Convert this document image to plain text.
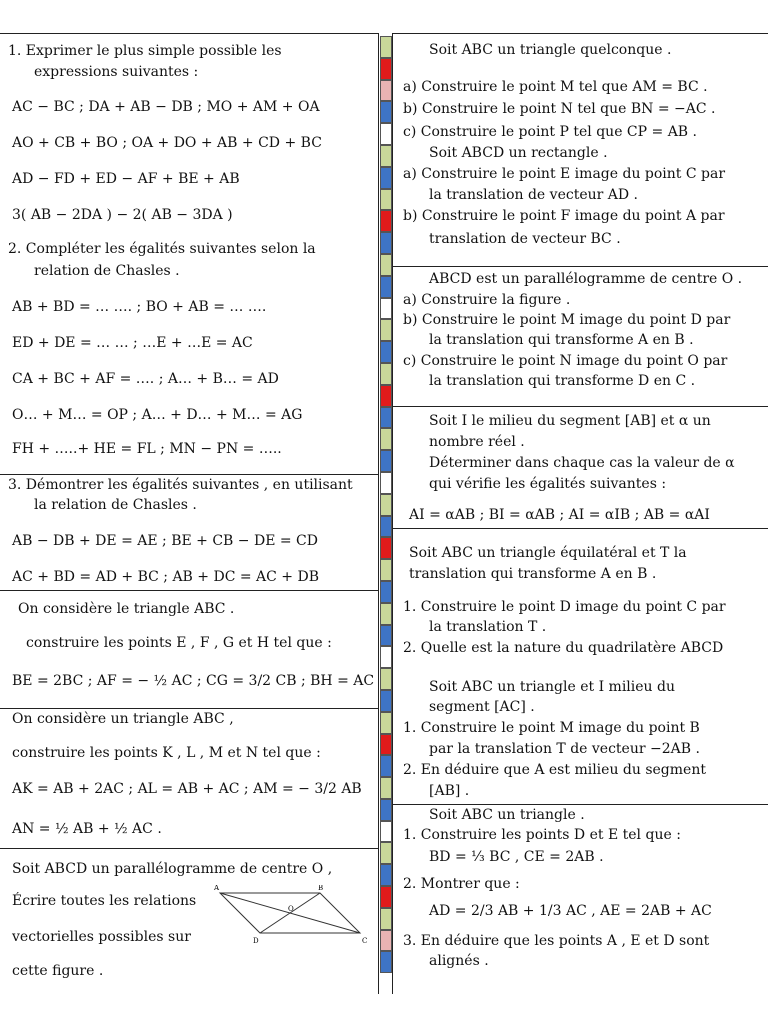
1. Exprimer le plus simple possible les
expressions suivantes :
AC − BC ; DA + AB − DB ; MO + AM + OA
AO + CB + BO ; OA + DO + AB + CD + BC
AD − FD + ED − AF + BE + AB
3( AB − 2DA ) − 2( AB − 3DA )
2. Compléter les égalités suivantes selon la
relation de Chasles .
AB + BD = … …. ; BO + AB = … ….
ED + DE = … … ; …E + …E = AC
CA + BC + AF = …. ; A… + B… = AD
O… + M… = OP ; A… + D… + M… = AG
FH + …..+ HE = FL ; MN − PN = …..
3. Démontrer les égalités suivantes , en utilisant
la relation de Chasles .
AB − DB + DE = AE ; BE + CB − DE = CD
AC + BD = AD + BC ; AB + DC = AC + DB
On considère le triangle ABC .
construire les points E , F , G et H tel que :
BE = 2BC ; AF = − ½ AC ; CG = 3/2 CB ; BH = AC
On considère un triangle ABC ,
construire les points K , L , M et N tel que :
AK = AB + 2AC ; AL = AB + AC ; AM = − 3/2 AB
AN = ½ AB + ½ AC .
Soit ABCD un parallélogramme de centre O ,
Écrire toutes les relations
vectorielles possibles sur
cette figure .
A	B
C
D
O
Soit ABC un triangle quelconque .
a) Construire le point M tel que AM = BC .
b) Construire le point N tel que BN = −AC .
c) Construire le point P tel que CP = AB .
Soit ABCD un rectangle .
a) Construire le point E image du point C par
la translation de vecteur AD .
b) Construire le point F image du point A par
translation de vecteur BC .
ABCD est un parallélogramme de centre O .
a) Construire la figure .
b) Construire le point M image du point D par
la translation qui transforme A en B .
c) Construire le point N image du point O par
la translation qui transforme D en C .
Soit I le milieu du segment [AB] et α un
nombre réel .
Déterminer dans chaque cas la valeur de α
qui vérifie les égalités suivantes :
AI = αAB ; BI = αAB ; AI = αIB ; AB = αAI
Soit ABC un triangle équilatéral et T la
translation qui transforme A en B .
1. Construire le point D image du point C par
la translation T .
2. Quelle est la nature du quadrilatère ABCD
Soit ABC un triangle et I milieu du
segment [AC] .
1. Construire le point M image du point B
par la translation T de vecteur −2AB .
2. En déduire que A est milieu du segment
[AB] .
Soit ABC un triangle .
1. Construire les points D et E tel que :
BD = ⅓ BC , CE = 2AB .
2. Montrer que :
AD = 2/3 AB + 1/3 AC , AE = 2AB + AC
3. En déduire que les points A , E et D sont
alignés .
